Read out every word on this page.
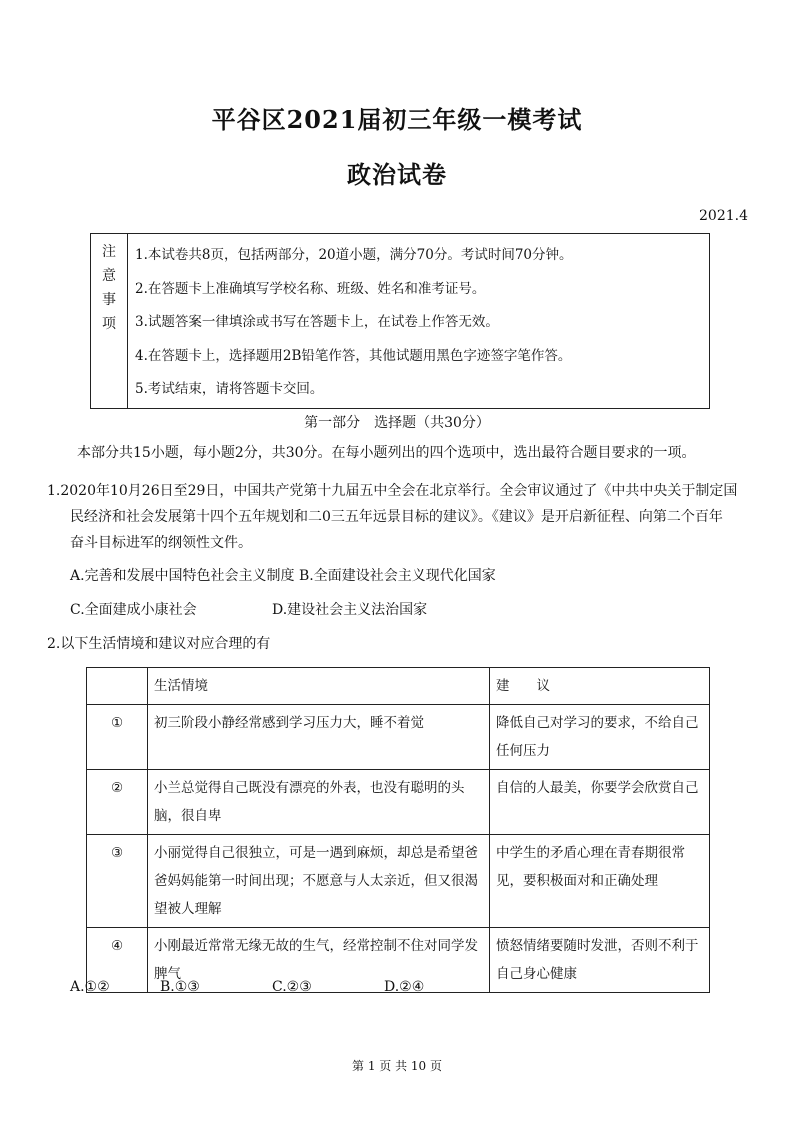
平谷区2021届初三年级一模考试
政治试卷
2021.4
注
意
事
项
1.本试卷共8页，包括两部分，20道小题，满分70分。考试时间70分钟。
2.在答题卡上准确填写学校名称、班级、姓名和准考证号。
3.试题答案一律填涂或书写在答题卡上，在试卷上作答无效。
4.在答题卡上，选择题用2B铅笔作答，其他试题用黑色字迹签字笔作答。
5.考试结束，请将答题卡交回。
第一部分　选择题（共30分）
本部分共15小题，每小题2分，共30分。在每小题列出的四个选项中，选出最符合题目要求的一项。
1.2020年10月26日至29日，中国共产党第十九届五中全会在北京举行。全会审议通过了《中共中央关于制定国
民经济和社会发展第十四个五年规划和二0三五年远景目标的建议》。《建议》是开启新征程、向第二个百年
奋斗目标进军的纲领性文件。
A.完善和发展中国特色社会主义制度 B.全面建设社会主义现代化国家
C.全面建成小康社会	D.建设社会主义法治国家
2.以下生活情境和建议对应合理的有
	生活情境	建　　议
①	初三阶段小静经常感到学习压力大，睡不着觉	降低自己对学习的要求，不给自己任何压力
②	小兰总觉得自己既没有漂亮的外表，也没有聪明的头脑，很自卑	自信的人最美，你要学会欣赏自己
③	小丽觉得自己很独立，可是一遇到麻烦，却总是希望爸爸妈妈能第一时间出现；不愿意与人太亲近，但又很渴望被人理解	中学生的矛盾心理在青春期很常见，要积极面对和正确处理
④	小刚最近常常无缘无故的生气，经常控制不住对同学发脾气	愤怒情绪要随时发泄，否则不利于自己身心健康
A.①②	B.①③	C.②③	D.②④
第 1 页 共 10 页
